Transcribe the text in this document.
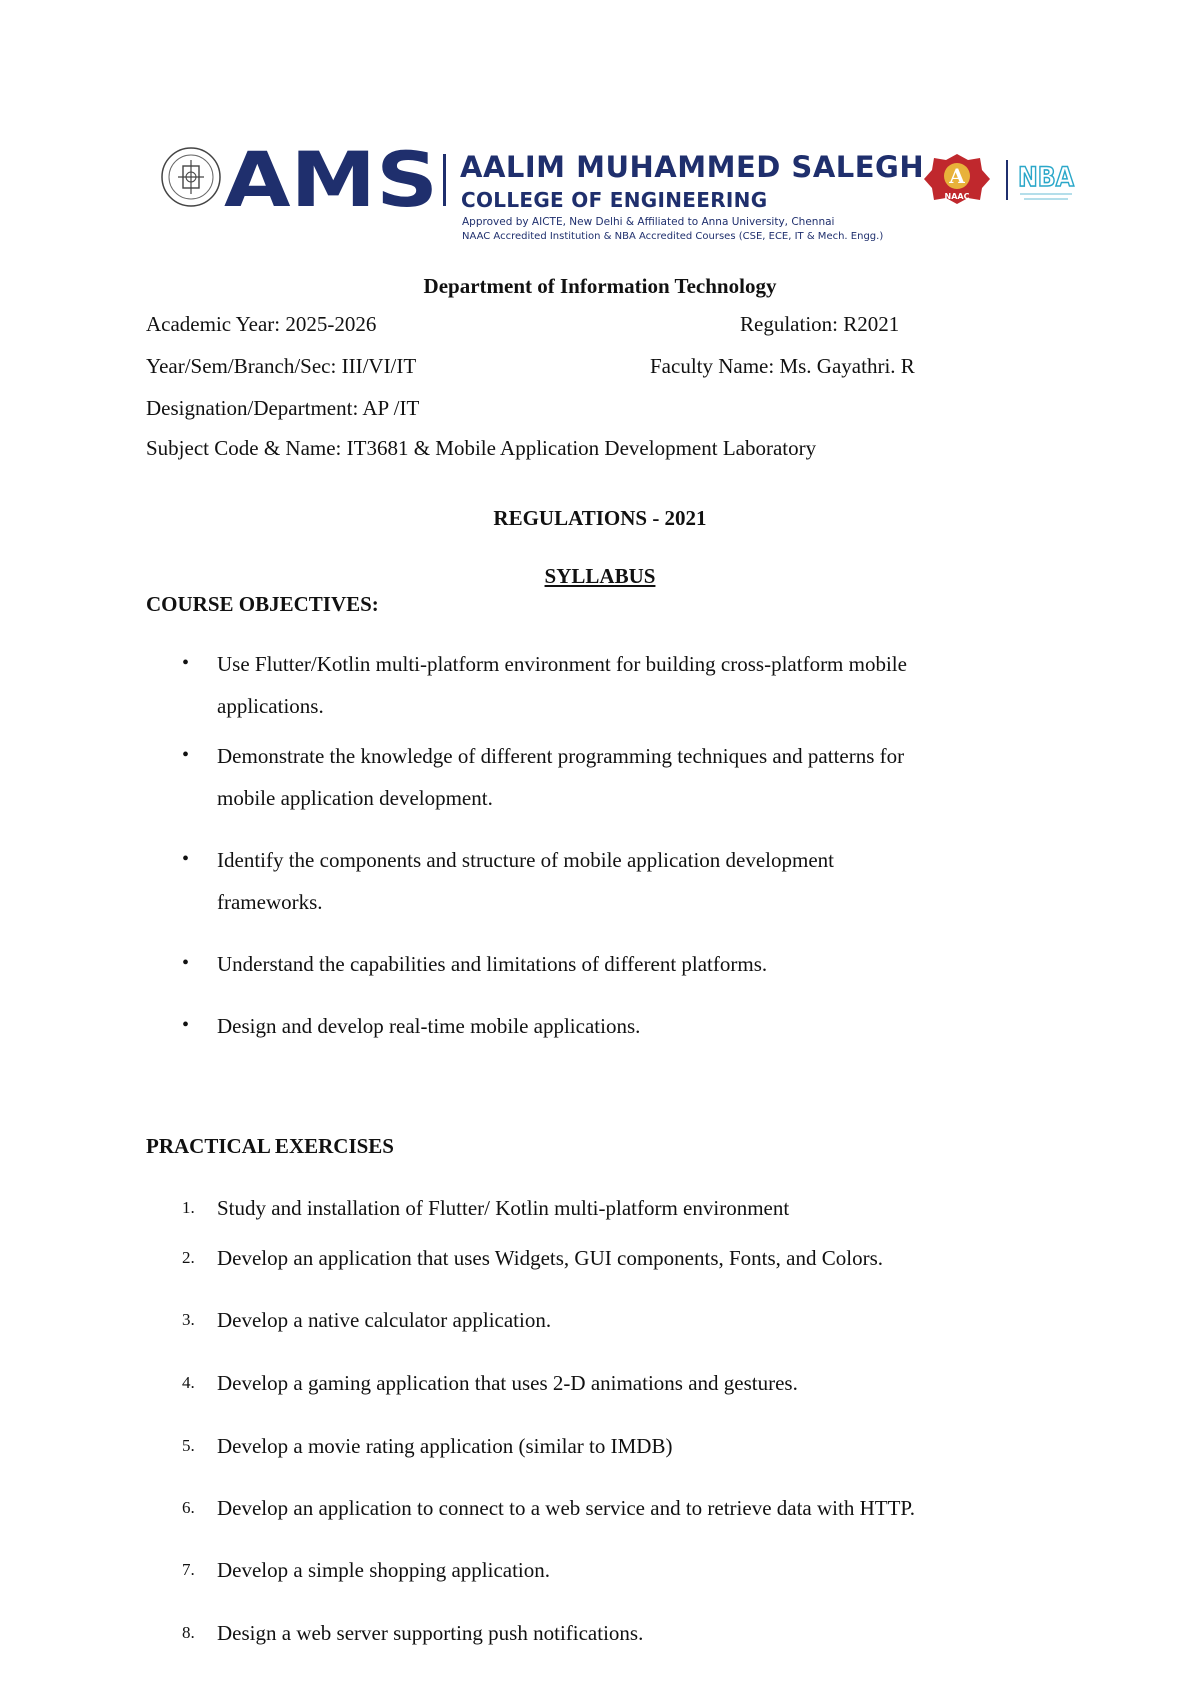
AMS AALIM MUHAMMED SALEGH
COLLEGE OF ENGINEERING
Approved by AICTE, New Delhi & Affiliated to Anna University, Chennai
NAAC Accredited Institution & NBA Accredited Courses (CSE, ECE, IT & Mech. Engg.)
A
NAAC
NBA
Department of Information Technology
Academic Year: 2025-2026	Regulation: R2021
Year/Sem/Branch/Sec: III/VI/IT	Faculty Name: Ms. Gayathri. R
Designation/Department: AP /IT
Subject Code & Name: IT3681 & Mobile Application Development Laboratory
REGULATIONS - 2021
SYLLABUS
COURSE OBJECTIVES:
• Use Flutter/Kotlin multi-platform environment for building cross-platform mobile
applications.
• Demonstrate the knowledge of different programming techniques and patterns for
mobile application development.
• Identify the components and structure of mobile application development
frameworks.
• Understand the capabilities and limitations of different platforms.
• Design and develop real-time mobile applications.
PRACTICAL EXERCISES
1. Study and installation of Flutter/ Kotlin multi-platform environment
2. Develop an application that uses Widgets, GUI components, Fonts, and Colors.
3. Develop a native calculator application.
4. Develop a gaming application that uses 2-D animations and gestures.
5. Develop a movie rating application (similar to IMDB)
6. Develop an application to connect to a web service and to retrieve data with HTTP.
7. Develop a simple shopping application.
8. Design a web server supporting push notifications.
